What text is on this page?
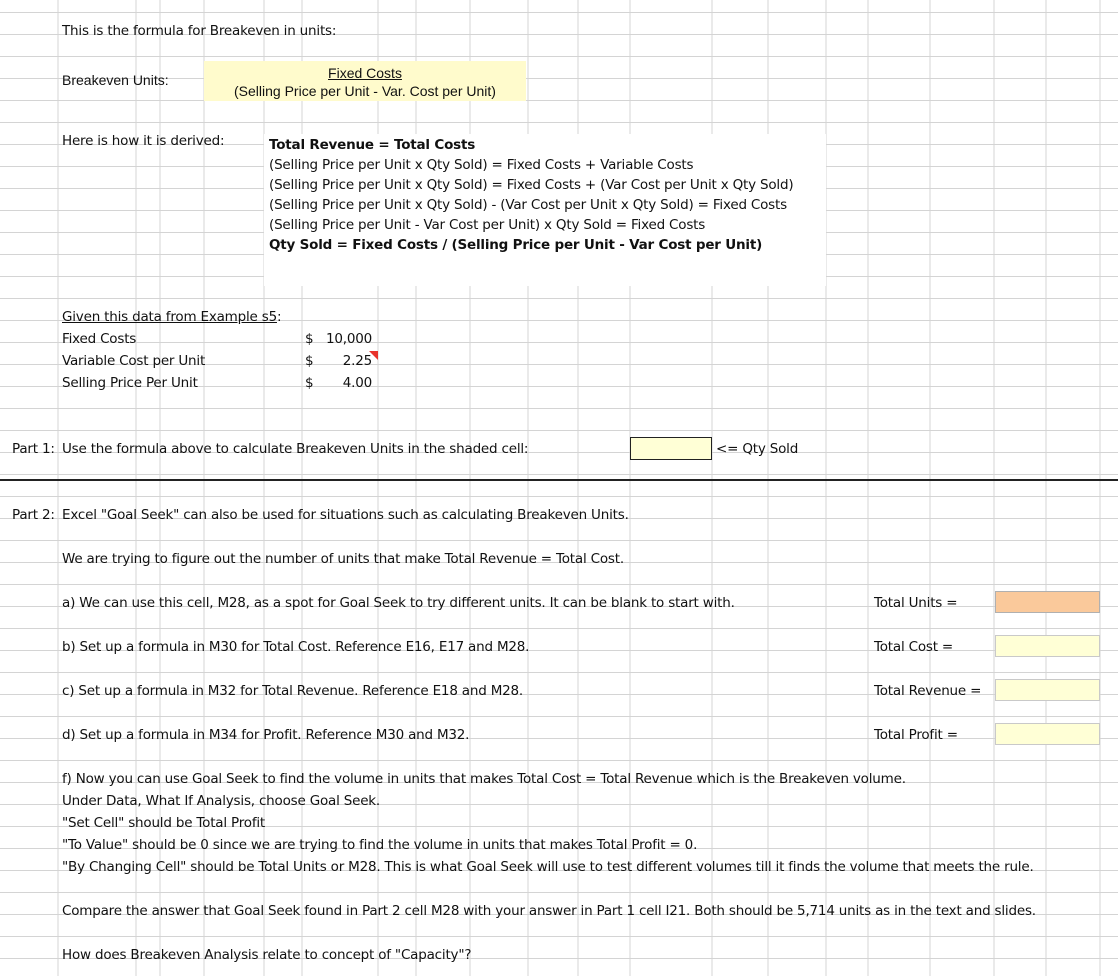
This is the formula for Breakeven in units:
Breakeven Units:	Fixed Costs
(Selling Price per Unit - Var. Cost per Unit)
Here is how it is derived:	Total Revenue = Total Costs
(Selling Price per Unit x Qty Sold) = Fixed Costs + Variable Costs
(Selling Price per Unit x Qty Sold) = Fixed Costs + (Var Cost per Unit x Qty Sold)
(Selling Price per Unit x Qty Sold) - (Var Cost per Unit x Qty Sold) = Fixed Costs
(Selling Price per Unit - Var Cost per Unit) x Qty Sold = Fixed Costs
Qty Sold = Fixed Costs / (Selling Price per Unit - Var Cost per Unit)
Given this data from Example s5:
Fixed Costs	$ 10,000
Variable Cost per Unit	$	2.25
Selling Price Per Unit	$	4.00
Part 1: Use the formula above to calculate Breakeven Units in the shaded cell:	<= Qty Sold
Part 2: Excel "Goal Seek" can also be used for situations such as calculating Breakeven Units.
We are trying to figure out the number of units that make Total Revenue = Total Cost.
a) We can use this cell, M28, as a spot for Goal Seek to try different units. It can be blank to start with.	Total Units =
b) Set up a formula in M30 for Total Cost. Reference E16, E17 and M28.	Total Cost =
c) Set up a formula in M32 for Total Revenue. Reference E18 and M28.	Total Revenue =
d) Set up a formula in M34 for Profit. Reference M30 and M32.	Total Profit =
f) Now you can use Goal Seek to find the volume in units that makes Total Cost = Total Revenue which is the Breakeven volume.
Under Data, What If Analysis, choose Goal Seek.
"Set Cell" should be Total Profit
"To Value" should be 0 since we are trying to find the volume in units that makes Total Profit = 0.
"By Changing Cell" should be Total Units or M28. This is what Goal Seek will use to test different volumes till it finds the volume that meets the rule.
Compare the answer that Goal Seek found in Part 2 cell M28 with your answer in Part 1 cell I21. Both should be 5,714 units as in the text and slides.
How does Breakeven Analysis relate to concept of "Capacity"?
